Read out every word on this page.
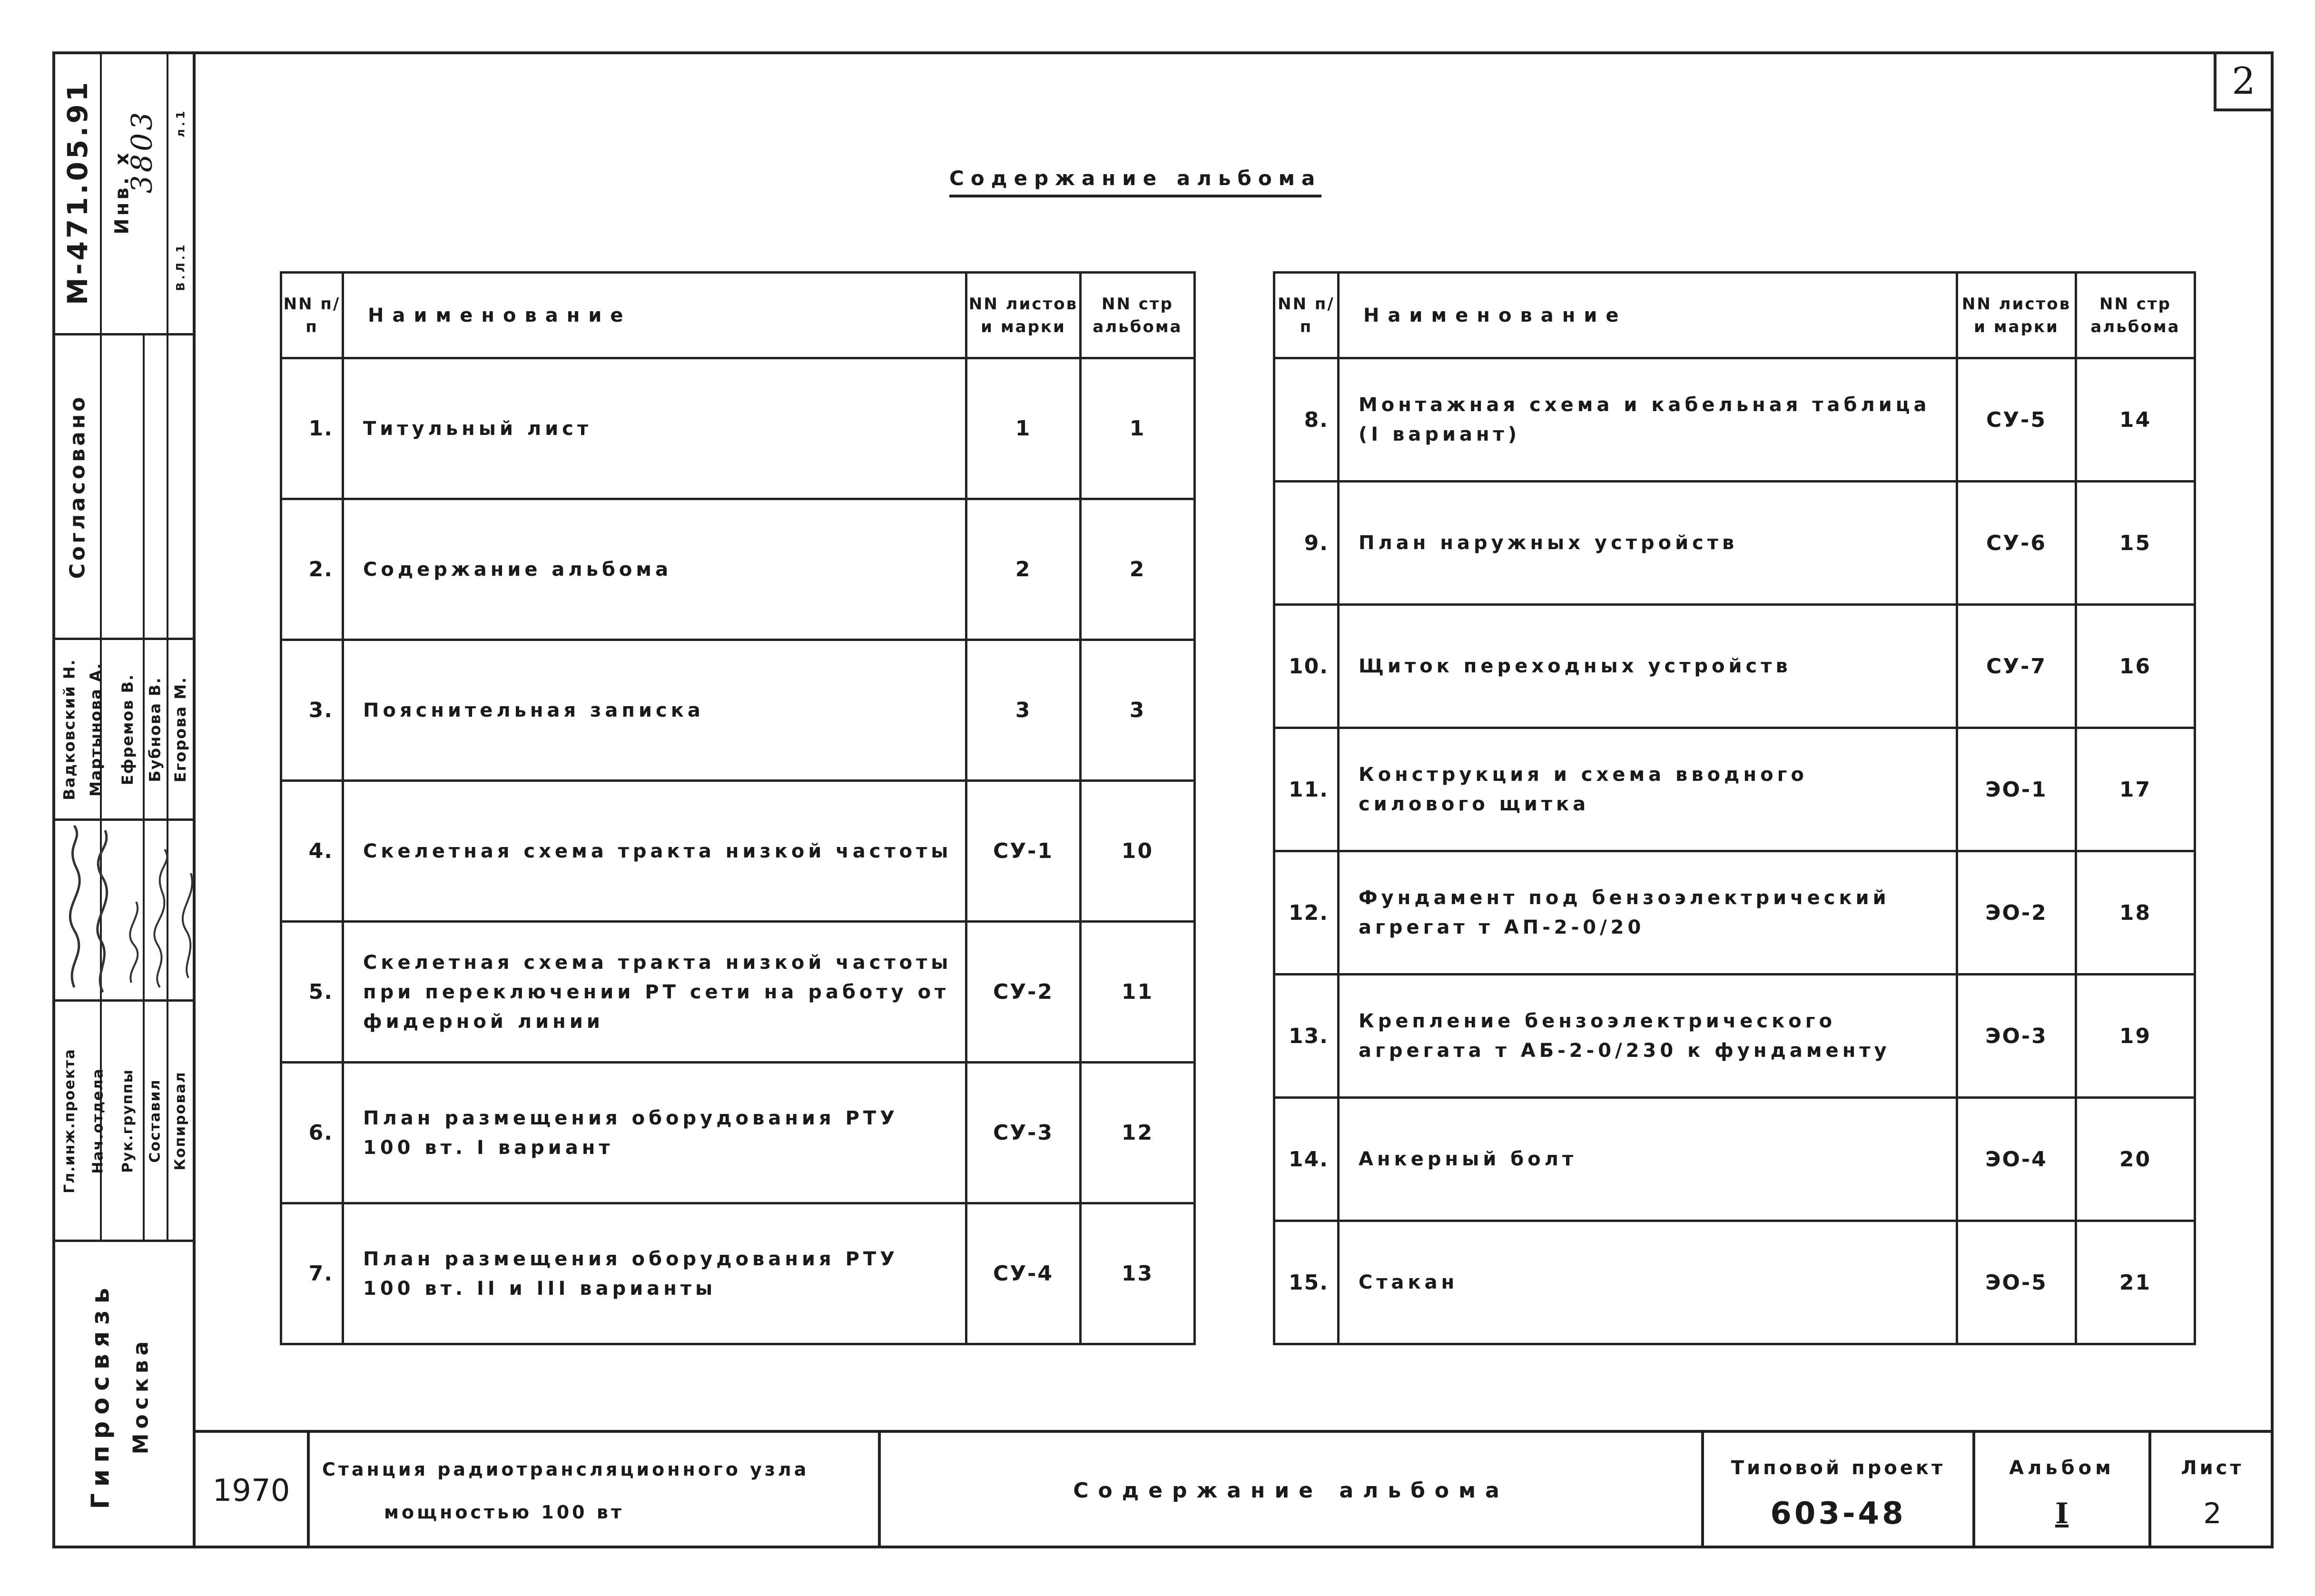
2
М-471.05.91 Инв. х
3803 л.1
В.Л.1
Согласовано
Вадковский Н. Мартынова А. Ефремов В. Бубнова В. Егорова М.
Гл.инж.проекта Нач.отдела Рук.группы Составил Копировал
Гипросвязь Москва
Содержание альбома
NN п/п	Наименование	NN листов и марки	NN стр альбома
1.	Титульный лист	1	1
2.	Содержание альбома	2	2
3.	Пояснительная записка	3	3
4.	Скелетная схема тракта низкой частоты	СУ-1	10
5.	Скелетная схема тракта низкой частоты при переключении РТ сети на работу от фидерной линии	СУ-2	11
6.	План размещения оборудования РТУ 100 вт. I вариант	СУ-3	12
7.	План размещения оборудования РТУ 100 вт. II и III варианты	СУ-4	13
NN п/п	Наименование	NN листов и марки	NN стр альбома
8.	Монтажная схема и кабельная таблица (I вариант)	СУ-5	14
9.	План наружных устройств	СУ-6	15
10.	Щиток переходных устройств	СУ-7	16
11.	Конструкция и схема вводного силового щитка	ЭО-1	17
12.	Фундамент под бензоэлектрический агрегат т АП-2-0/20	ЭО-2	18
13.	Крепление бензоэлектрического агрегата т АБ-2-0/230 к фундаменту	ЭО-3	19
14.	Анкерный болт	ЭО-4	20
15.	Стакан	ЭО-5	21
1970
Станция радиотрансляционного узла
мощностью 100 вт
Содержание альбома
Типовой проект
603-48
Альбом
I
Лист
2
